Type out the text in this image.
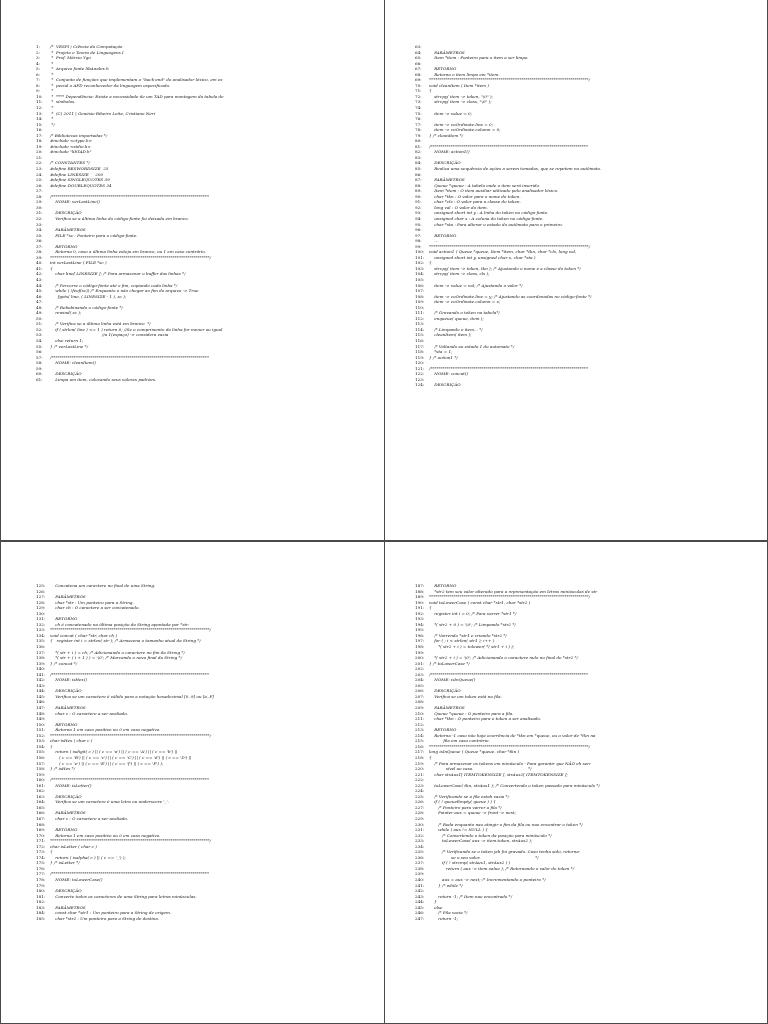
1: /*  VESPI / Ciência da Computação
2: *  Projeto e Teoria de Linguagens I
3: *  Prof. Márcio Ygo
4: *
5: *  Arquivo fonte libAnalex.h
6: *
7: *  Conjunto de funções que implementam o "back-end" do analisador léxico, em es
8: *  pecial o AFD reconhecedor da linguagem especificada.
9: *
10: *  **** Dependência: Existe a necessidade de um TAD para montagem da tabela de
11: *  símbolos.
12: *
13: *  (C) 2011 | Genésio Ribeiro Leite, Cristiano Neri
14: *
15: */
16:
17: /* Bibliotecas importadas */
18: #include <ctype.h>
19: #include <stdio.h>
20: #include "libTAD.h"
21:
22: /* CONSTANTES */
23: #define RESWORDSIZE  25
24: #define LINESIZE     200
25: #define SINGLEQUOTES 39
26: #define DOUBLEQUOTES 34
27:
28: /*****************************************************************************
29:    NOME: verLastLine()
30:
31:    DESCRIÇÃO
32:    Verifica se a última linha do código-fonte foi deixada em branco.
33:
34:    PARÂMETROS
35:    FILE *sc : Ponteiro para o código-fonte.
36:
37:    RETORNO
38:    Retorna 0, caso a última linha esteja em branco, ou 1 em caso contrário.
39: ******************************************************************************/
40: int verLastLine ( FILE *sc )
41: {
42:    char line[ LINESIZE ]; /* Para armazenar o buffer das linhas */
43:
44:    /* Percorre o código-fonte até o fim, copiando cada linha */
45:    while ( !feof(sc)) /* Enquanto o não chegar ao fim do arquivo -> True
46:      fgets( line, ( LINESIZE - 1 ), sc );
47:
48:    /* Rebobinando o código-fonte */
49:    rewind( sc );
50:
51:    /* Verifica se a última linha está em branco  */
52:    if ( strlen( line ) <= 1 ) return 0; //Se o comprimento da linha for menor ou igual
53:                                        //a 1(espaço) -> considera vazia
54:    else return 1;
55: } /* verLastLine */
56:
57: /*****************************************************************************
58:    NOME: cleanItem()
59:
60:    DESCRIÇÃO
61:    Limpa um item, colocando seus valores padrões.
63:
64:    PARÂMETROS
65:    Item *item : Ponteiro para o item a ser limpo.
66:
67:    RETORNO
68:    Retorna o item limpo em *item.
69: ******************************************************************************/
70: void cleanItem ( Item *item )
71: {
72:    strcpy( item -> token, "\0" );
73:    strcpy( item -> class, "\0" );
74:
75:    item -> value = 0;
76:
77:    item -> coOrdinate.line = 0;
78:    item -> coOrdinate.column = 0;
79: } /* cleanItem */
80:
81: /*****************************************************************************
82:    NOME: action1()
83:
84:    DESCRIÇÃO
85:    Realiza uma sequência de ações a serem tomadas, que se repetem no autômato.
86:
87:    PARÂMETROS
88:    Queue *queue : A tabela onde o item será inserido.
89:    Item *item : O item auxiliar utilizado pelo analisador léxico.
90:    char *tkn : O valor para o nome do token.
91:    char *cls : O valor para a classe do token.
92:    long val : O valor do item.
93:    unsigned short int y : A linha do token no código-fonte.
94:    unsigned char x : A coluna do token no código-fonte.
95:    char *sta : Para alterar o estado do autômato para o primeiro.
96:
97:    RETORNO
98:    ...
99: ******************************************************************************/
100: void action1 ( Queue *queue, Item *item, char *tkn, char *cls, long val,
101:    unsigned short int y, unsigned char x, char *sta )
102: {
103:    strcpy( item -> token, tkn ); /* Ajustando o nome e a classe do token */
104:    strcpy( item -> class, cls );
105:
106:    item -> value = val; /* Ajustando o valor */
107:
108:    item -> coOrdinate.line = y; /* Ajustando as coordenadas no código-fonte */
109:    item -> coOrdinate.column = x;
110:
111:    /* Gravando o token na tabela*/
112:    enqueue( queue, item );
113:
114:    /* Limpando o item... */
115:    cleanItem( item );
116:
117:    /* Voltando ao estado 1 do automato */
118:    *sta = 1;
119: } /* action1 */
120:
121: /*****************************************************************************
122:    NOME: concat()
123:
124:    DESCRIÇÃO
125:    Concatena um caractere no final de uma String.
126:
127:    PARÂMETROS
128:    char *str : Um ponteiro para a String.
129:    char ch : O caractere a ser concatenado.
130:
131:    RETORNO
132:    ch é concatenado na última posição da String apontada por *str.
133: ******************************************************************************/
134: void concat ( char *str, char ch )
135: {   register int i = strlen( str ); /* Armazena o tamanho atual da String */
136:
137:    *( str + i ) = ch; /* Adicionando o caractere no fim da String */
138:    *( str + ( i + 1 ) ) = '\0'; /* Marcando o novo final da String */
139: } /* concat */
140:
141: /*****************************************************************************
142:    NOME: isHex()
143:
144:    DESCRIÇÃO
145:    Verifica se um caractere é válido para a notação hexadecimal [0..9] ou [a..F]
146:
147:    PARÂMETROS
148:    char c : O caractere a ser avaliado.
149:
150:    RETORNO
151:    Retorna 1 em caso positivo ou 0 em caso negativo.
152: ******************************************************************************/
153: char isHex ( char c )
154: {
155:    return ( isdigit( c ) || ( c == 'a') || ( c == 'A') || ( c == 'b') ||
156:       ( c == 'B') || ( c == 'c') || ( c == 'C') || ( c == 'd') || ( c == 'D') ||
157:       ( c == 'e') || ( c == 'E') || ( c == 'f') || ( c == 'F') );
158: } /* isHex */
159:
160: /*****************************************************************************
161:    NOME: isLetter()
162:
163:    DESCRIÇÃO
164:    Verifica se um caractere é uma letra ou underscore '_'.
165:
166:    PARÂMETROS
167:    char c : O caractere a ser avaliado.
168:
169:    RETORNO
170:    Retorna 1 em caso positivo ou 0 em caso negativo.
171: ******************************************************************************/
172: char isLetter ( char c )
173: {
174:    return ( isalpha( c ) || ( c == '_') );
175: } /* isLetter */
176:
177: /*****************************************************************************
178:    NOME: toLowerCase()
179:
180:    DESCRIÇÃO
181:    Converte todos os caracteres de uma String para letras minúsculas.
182:
183:    PARÂMETROS
184:    const char *str1 : Um ponteiro para a String de origem.
185:    char *str2 : Um ponteiro para a String de destino.
187:    RETORNO
188:    *str2 tem seu valor alterado para a representação em letras minúsculas de str
189: ******************************************************************************/
190: void toLowerCase ( const char *str1, char *str2 )
191: {
192:    register int i = 0; /* Para varrer *str1 */
193:
194:    *( str2 + 0 ) = '\0'; /* Limpando *str2 */
195:
196:    /* Varrendo *str1 e criando *str2 */
197:    for ( ; i < strlen( str1 ); i++ )
198:       *( str2 + i ) = tolower( *( str1 + i ) );
199:
200:    *( str2 + i ) = '\0'; /* Adicionando o caractere nulo no final de *str2 */
201: } /* toLowerCase */
202:
203: /*****************************************************************************
204:    NOME: isInQueue()
205:
206:    DESCRIÇÃO
207:    Verifica se um token está na fila.
208:
209:    PARÂMETROS
210:    Queue *queue : O ponteiro para a fila.
211:    char *tkn : O ponteiro para o token a ser analisado.
212:
213:    RETORNO
214:    Retorna -1 caso não haja ocorrência de *tkn em *queue, ou o valor de *tkn na
215:           fila em caso contrário.
216: ******************************************************************************/
217: long isInQueue ( Queue *queue, char *tkn )
218: {
219:    /* Para armazenar os tokens em minúsculo - Para garantir que NÃO eh sen-
220:             sível ao caso.                                          */
221:    char strAux1[ ITEMTOKENSIZE ], strAux2[ ITEMTOKENSIZE ];
222:
223:    toLowerCase( tkn, strAux1 ); /* Convertendo o token passado para minúsculo */
224:
225:    /* Verificando se a fila estah vazia */
226:    if ( ! queueEmpty( queue ) ) {
227:       /* Ponteiro para varrer a fila */
228:       Pointer aux = queue -> front -> next;
229:
230:       /* Roda enquanto nao atingir o fim da fila ou nao encontrar o token */
231:       while ( aux != NULL ) {
232:          /* Convertendo o token da posição para minúsculo */
233:          toLowerCase( aux -> item.token, strAux2 );
234:
235:          /* Verificando se o token jah foi gravado. Caso tenha sido, retorna-
236:                 se o seu valor.                                          */
237:          if ( ! strcmp( strAux1, strAux2 ) )
238:             return ( aux -> item.value ); /* Retornando o valor do token */
239:
240:          aux = aux -> next; /* Incrementando o ponteiro */
241:       } /* while */
242:
243:       return -1; /* Item nao encontrado */
244:    }
245:    else
246:       /* Fila vazia */
247:       return -1;
